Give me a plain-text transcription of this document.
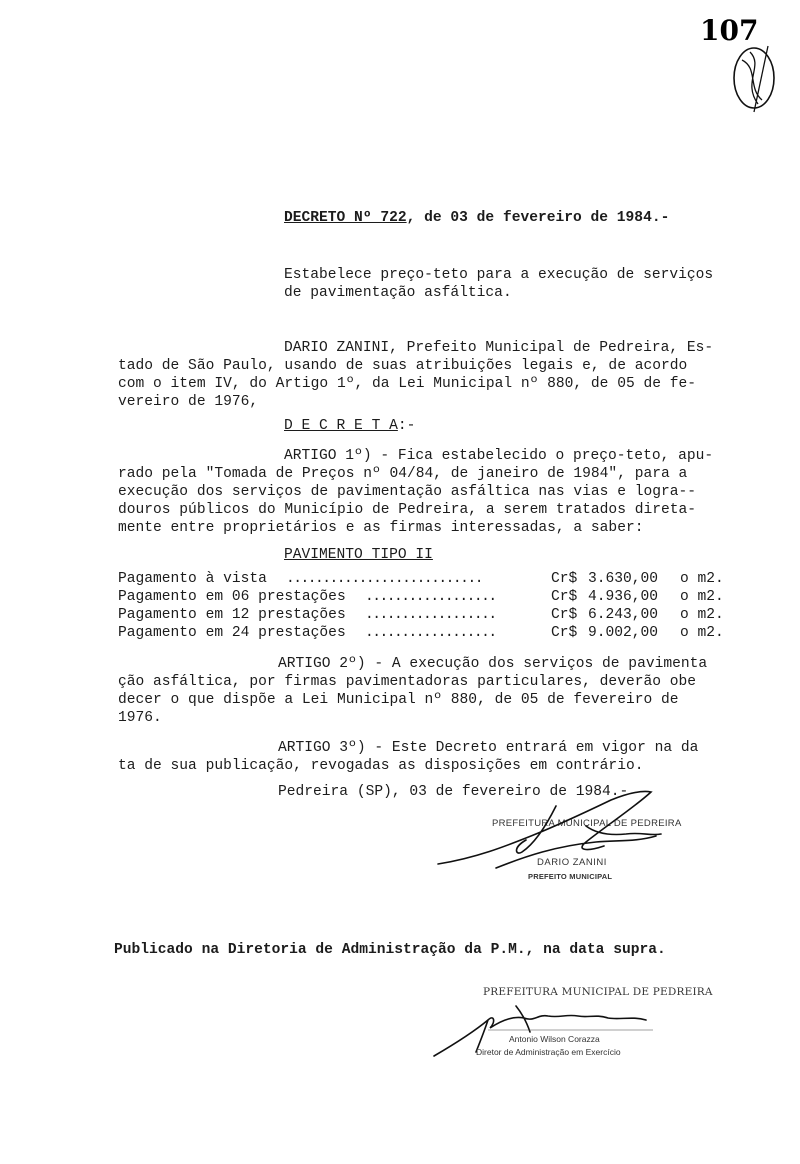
107
DECRETO Nº 722, de 03 de fevereiro de 1984.-
Estabelece preço-teto para a execução de serviços
de pavimentação asfáltica.
DARIO ZANINI, Prefeito Municipal de Pedreira, Es-
tado de São Paulo, usando de suas atribuições legais e, de acordo
com o item IV, do Artigo 1º, da Lei Municipal nº 880, de 05 de fe-
vereiro de 1976,
D E C R E T A:-
ARTIGO 1º) - Fica estabelecido o preço-teto, apu-
rado pela "Tomada de Preços nº 04/84, de janeiro de 1984", para a
execução dos serviços de pavimentação asfáltica nas vias e logra--
douros públicos do Município de Pedreira, a serem tratados direta-
mente entre proprietários e as firmas interessadas, a saber:
PAVIMENTO TIPO II
Pagamento à vista ...........................	Cr$ 3.630,00 o m2.
Pagamento em 06 prestações ..................	Cr$ 4.936,00 o m2.
Pagamento em 12 prestações ..................	Cr$ 6.243,00 o m2.
Pagamento em 24 prestações ..................	Cr$ 9.002,00 o m2.
ARTIGO 2º) - A execução dos serviços de pavimenta
ção asfáltica, por firmas pavimentadoras particulares, deverão obe
decer o que dispõe a Lei Municipal nº 880, de 05 de fevereiro de
1976.
ARTIGO 3º) - Este Decreto entrará em vigor na da
ta de sua publicação, revogadas as disposições em contrário.
Pedreira (SP), 03 de fevereiro de 1984.-
PREFEITURA MUNICIPAL DE PEDREIRA
DARIO ZANINI
PREFEITO MUNICIPAL
Publicado na Diretoria de Administração da P.M., na data supra.
PREFEITURA MUNICIPAL DE PEDREIRA
Antonio Wilson Corazza
Diretor de Administração em Exercício
